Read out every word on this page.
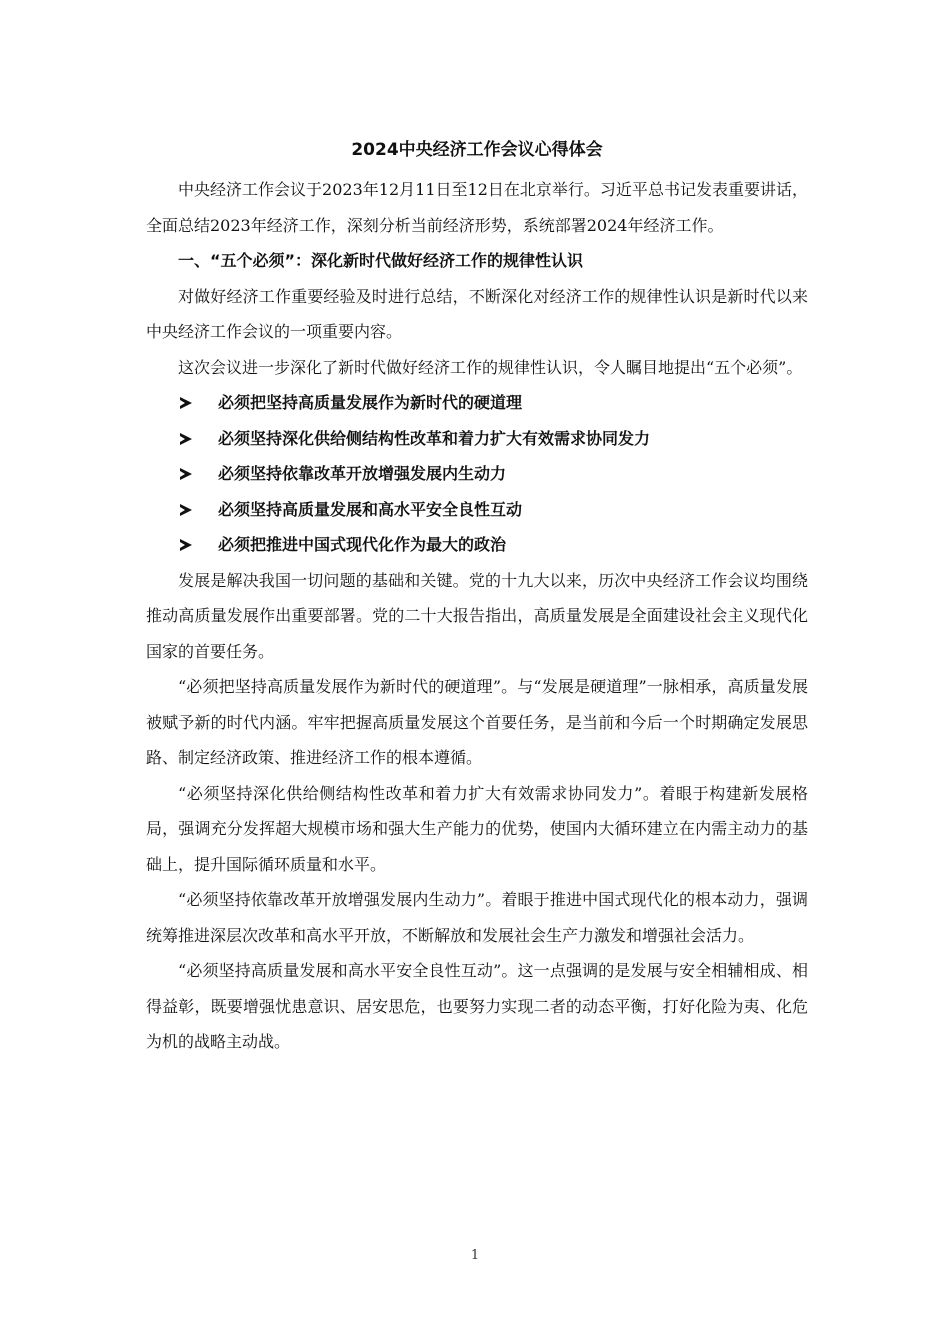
2024中央经济工作会议心得体会

中央经济工作会议于2023年12月11日至12日在北京举行。习近平总书记发表重要讲话，全面总结2023年经济工作，深刻分析当前经济形势，系统部署2024年经济工作。

一、“五个必须”：深化新时代做好经济工作的规律性认识

对做好经济工作重要经验及时进行总结，不断深化对经济工作的规律性认识是新时代以来中央经济工作会议的一项重要内容。

这次会议进一步深化了新时代做好经济工作的规律性认识，令人瞩目地提出“五个必须”。

必须把坚持高质量发展作为新时代的硬道理
必须坚持深化供给侧结构性改革和着力扩大有效需求协同发力
必须坚持依靠改革开放增强发展内生动力
必须坚持高质量发展和高水平安全良性互动
必须把推进中国式现代化作为最大的政治

发展是解决我国一切问题的基础和关键。党的十九大以来，历次中央经济工作会议均围绕推动高质量发展作出重要部署。党的二十大报告指出，高质量发展是全面建设社会主义现代化国家的首要任务。

“必须把坚持高质量发展作为新时代的硬道理”。与“发展是硬道理”一脉相承，高质量发展被赋予新的时代内涵。牢牢把握高质量发展这个首要任务，是当前和今后一个时期确定发展思路、制定经济政策、推进经济工作的根本遵循。

“必须坚持深化供给侧结构性改革和着力扩大有效需求协同发力”。着眼于构建新发展格局，强调充分发挥超大规模市场和强大生产能力的优势，使国内大循环建立在内需主动力的基础上，提升国际循环质量和水平。

“必须坚持依靠改革开放增强发展内生动力”。着眼于推进中国式现代化的根本动力，强调统筹推进深层次改革和高水平开放，不断解放和发展社会生产力激发和增强社会活力。

“必须坚持高质量发展和高水平安全良性互动”。这一点强调的是发展与安全相辅相成、相得益彰，既要增强忧患意识、居安思危，也要努力实现二者的动态平衡，打好化险为夷、化危为机的战略主动战。

1
